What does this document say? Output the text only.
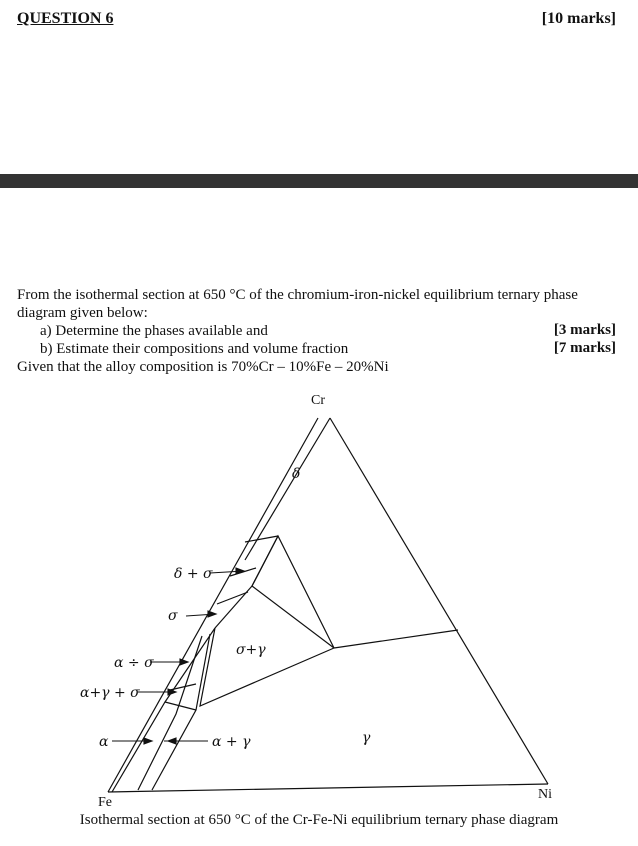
QUESTION 6	[10 marks]
From the isothermal section at 650 °C of the chromium-iron-nickel equilibrium ternary phase diagram given below:
a) Determine the phases available and	[3 marks]
b) Estimate their compositions and volume fraction	[7 marks]
Given that the alloy composition is 70%Cr – 10%Fe – 20%Ni
Cr
Fe
Ni
δ
δ + σ
σ
σ+γ
α ÷ σ
α+γ + σ
α	α + γ	γ
Isothermal section at 650 °C of the Cr-Fe-Ni equilibrium ternary phase diagram
